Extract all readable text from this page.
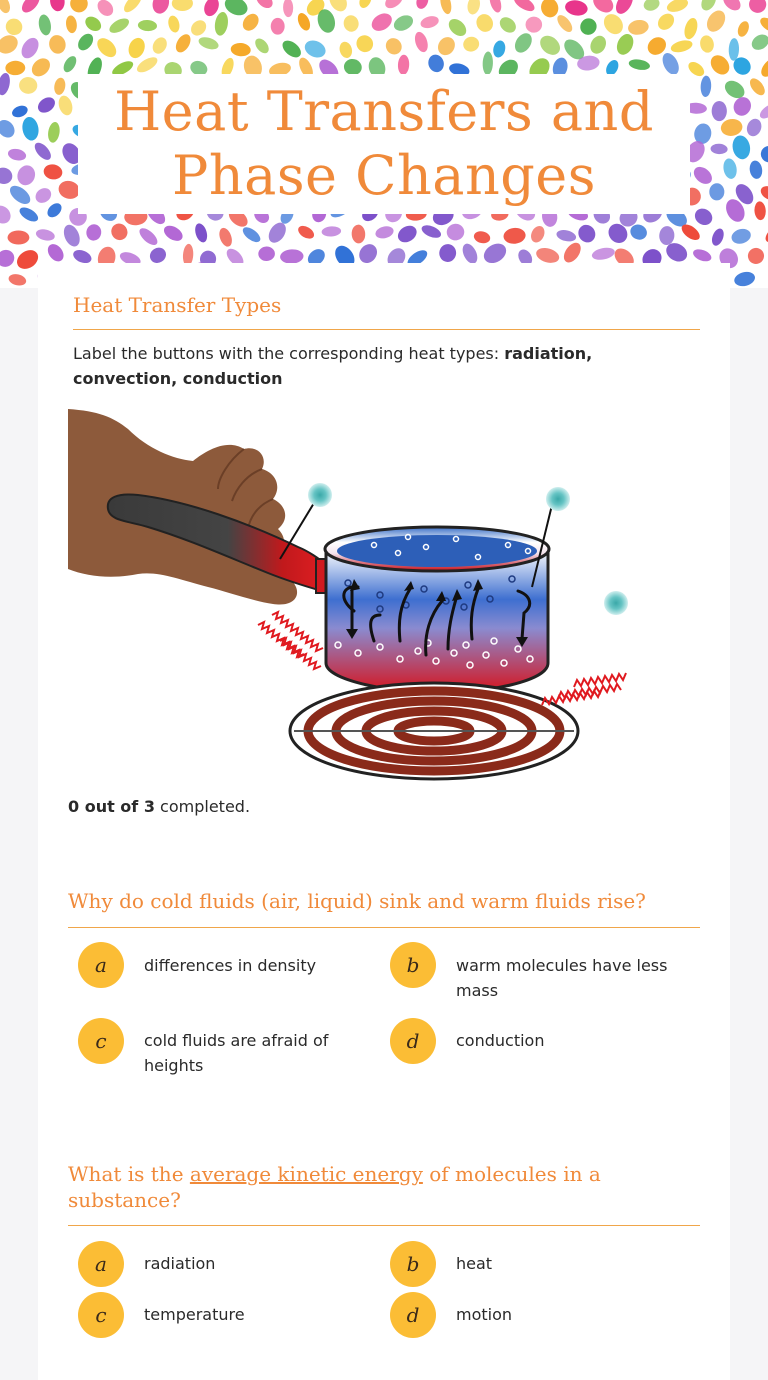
Heat Transfers and Phase Changes
Heat Transfer Types
Label the buttons with the corresponding heat types: radiation, convection, conduction
0 out of 3 completed.
Why do cold fluids (air, liquid) sink and warm fluids rise?
a	differences in density	b	warm molecules have less mass
c	cold fluids are afraid of heights
d	conduction
What is the average kinetic energy of molecules in a substance?
a	radiation	b	heat
c	temperature	d	motion
